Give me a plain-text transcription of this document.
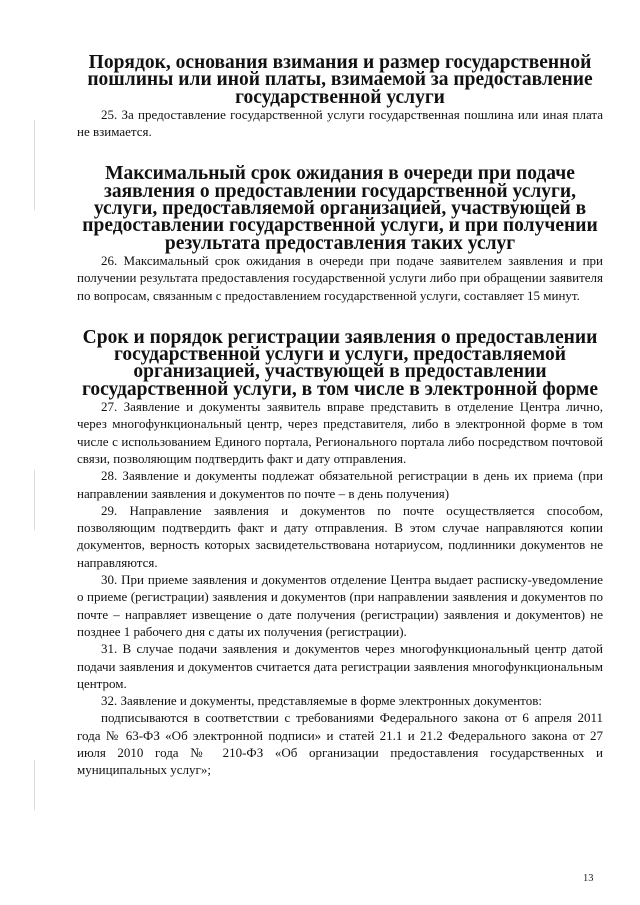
Порядок, основания взимания и размер государственной пошлины или иной платы, взимаемой за предоставление государственной услуги

25. За предоставление государственной услуги государственная пошлина или иная плата не взимается.

Максимальный срок ожидания в очереди при подаче заявления о предоставлении государственной услуги, услуги, предоставляемой организацией, участвующей в предоставлении государственной услуги, и при получении результата предоставления таких услуг

26. Максимальный срок ожидания в очереди при подаче заявителем заявления и при получении результата предоставления государственной услуги либо при обращении заявителя по вопросам, связанным с предоставлением государственной услуги, составляет 15 минут.

Срок и порядок регистрации заявления о предоставлении государственной услуги и услуги, предоставляемой организацией, участвующей в предоставлении государственной услуги, в том числе в электронной форме

27. Заявление и документы заявитель вправе представить в отделение Центра лично, через многофункциональный центр, через представителя, либо в электронной форме в том числе с использованием Единого портала, Регионального портала либо посредством почтовой связи, позволяющим подтвердить факт и дату отправления.

28. Заявление и документы подлежат обязательной регистрации в день их приема (при направлении заявления и документов по почте – в день получения)

29. Направление заявления и документов по почте осуществляется способом, позволяющим подтвердить факт и дату отправления. В этом случае направляются копии документов, верность которых засвидетельствована нотариусом, подлинники документов не направляются.

30. При приеме заявления и документов отделение Центра выдает расписку-уведомление о приеме (регистрации) заявления и документов (при направлении заявления и документов по почте – направляет извещение о дате получения (регистрации) заявления и документов) не позднее 1 рабочего дня с даты их получения (регистрации).

31. В случае подачи заявления и документов через многофункциональный центр датой подачи заявления и документов считается дата регистрации заявления многофункциональным центром.

32. Заявление и документы, представляемые в форме электронных документов:

подписываются в соответствии с требованиями Федерального закона от 6 апреля 2011 года № 63-ФЗ «Об электронной подписи» и статей 21.1 и 21.2 Федерального закона от 27 июля 2010 года № 210-ФЗ «Об организации предоставления государственных и муниципальных услуг»;

13
